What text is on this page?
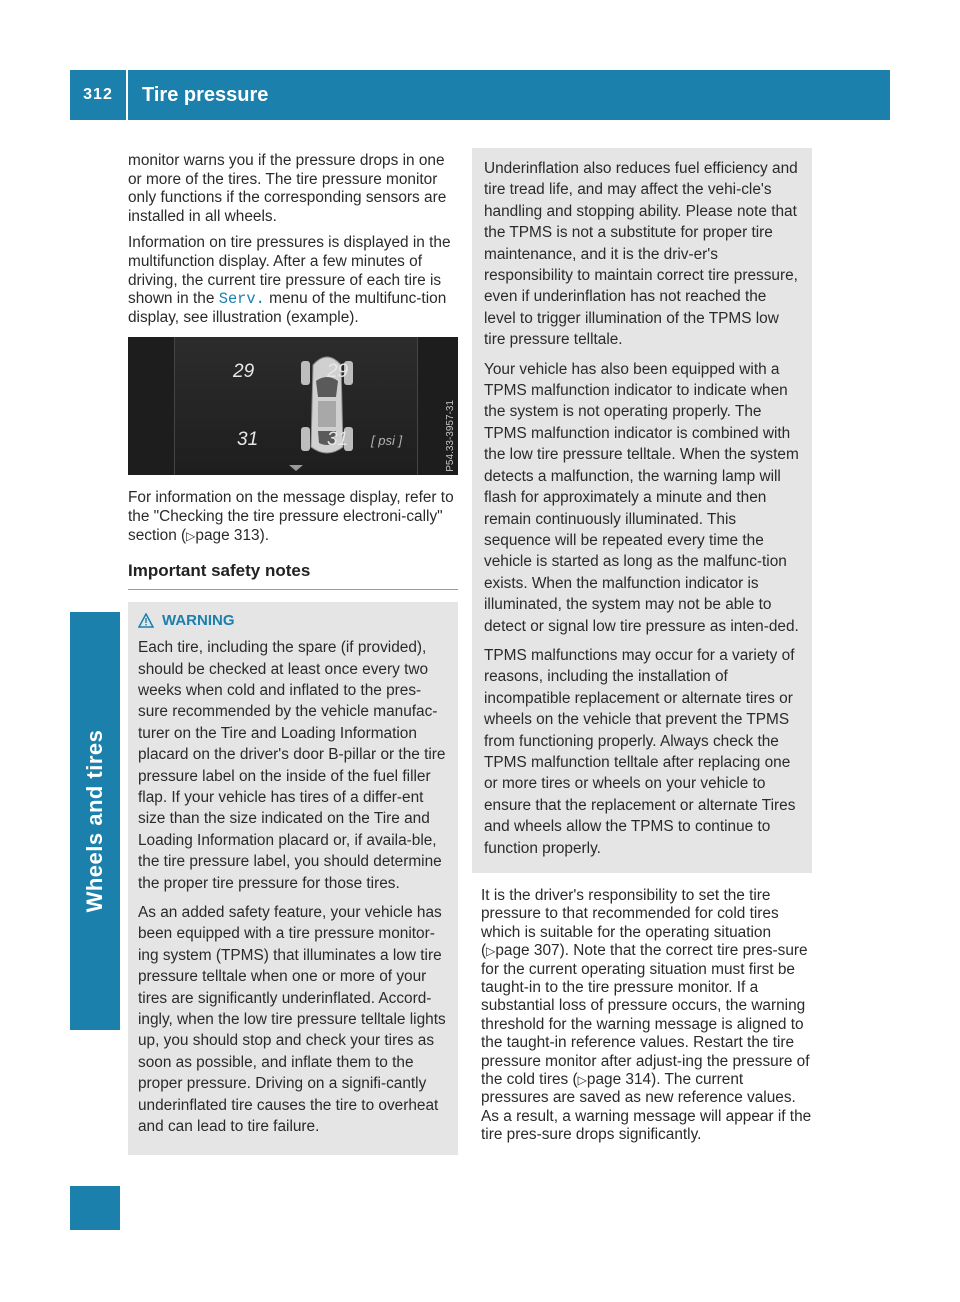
312	Tire pressure
Wheels and tires

monitor warns you if the pressure drops in one or more of the tires. The tire pressure monitor only functions if the corresponding sensors are installed in all wheels.

Information on tire pressures is displayed in the multifunction display. After a few minutes of driving, the current tire pressure of each tire is shown in the Serv. menu of the multifunc-tion display, see illustration (example).

29	29
31	31 [ psi ]	P54.33-3957-31

For information on the message display, refer to the "Checking the tire pressure electroni-cally" section (▷page 313).

Important safety notes
WARNING

Each tire, including the spare (if provided), should be checked at least once every two weeks when cold and inflated to the pres-sure recommended by the vehicle manufac-turer on the Tire and Loading Information placard on the driver's door B-pillar or the tire pressure label on the inside of the fuel filler flap. If your vehicle has tires of a differ-ent size than the size indicated on the Tire and Loading Information placard or, if availa-ble, the tire pressure label, you should determine the proper tire pressure for those tires.

As an added safety feature, your vehicle has been equipped with a tire pressure monitor-ing system (TPMS) that illuminates a low tire pressure telltale when one or more of your tires are significantly underinflated. Accord-ingly, when the low tire pressure telltale lights up, you should stop and check your tires as soon as possible, and inflate them to the proper pressure. Driving on a signifi-cantly underinflated tire causes the tire to overheat and can lead to tire failure.

Underinflation also reduces fuel efficiency and tire tread life, and may affect the vehi-cle's handling and stopping ability. Please note that the TPMS is not a substitute for proper tire maintenance, and it is the driv-er's responsibility to maintain correct tire pressure, even if underinflation has not reached the level to trigger illumination of the TPMS low tire pressure telltale.

Your vehicle has also been equipped with a TPMS malfunction indicator to indicate when the system is not operating properly. The TPMS malfunction indicator is combined with the low tire pressure telltale. When the system detects a malfunction, the warning lamp will flash for approximately a minute and then remain continuously illuminated. This sequence will be repeated every time the vehicle is started as long as the malfunc-tion exists. When the malfunction indicator is illuminated, the system may not be able to detect or signal low tire pressure as inten-ded.

TPMS malfunctions may occur for a variety of reasons, including the installation of incompatible replacement or alternate tires or wheels on the vehicle that prevent the TPMS from functioning properly. Always check the TPMS malfunction telltale after replacing one or more tires or wheels on your vehicle to ensure that the replacement or alternate Tires and wheels allow the TPMS to continue to function properly.

It is the driver's responsibility to set the tire pressure to that recommended for cold tires which is suitable for the operating situation (▷page 307). Note that the correct tire pres-sure for the current operating situation must first be taught-in to the tire pressure monitor. If a substantial loss of pressure occurs, the warning threshold for the warning message is aligned to the taught-in reference values. Restart the tire pressure monitor after adjust-ing the pressure of the cold tires (▷page 314). The current pressures are saved as new reference values. As a result, a warning message will appear if the tire pres-sure drops significantly.
